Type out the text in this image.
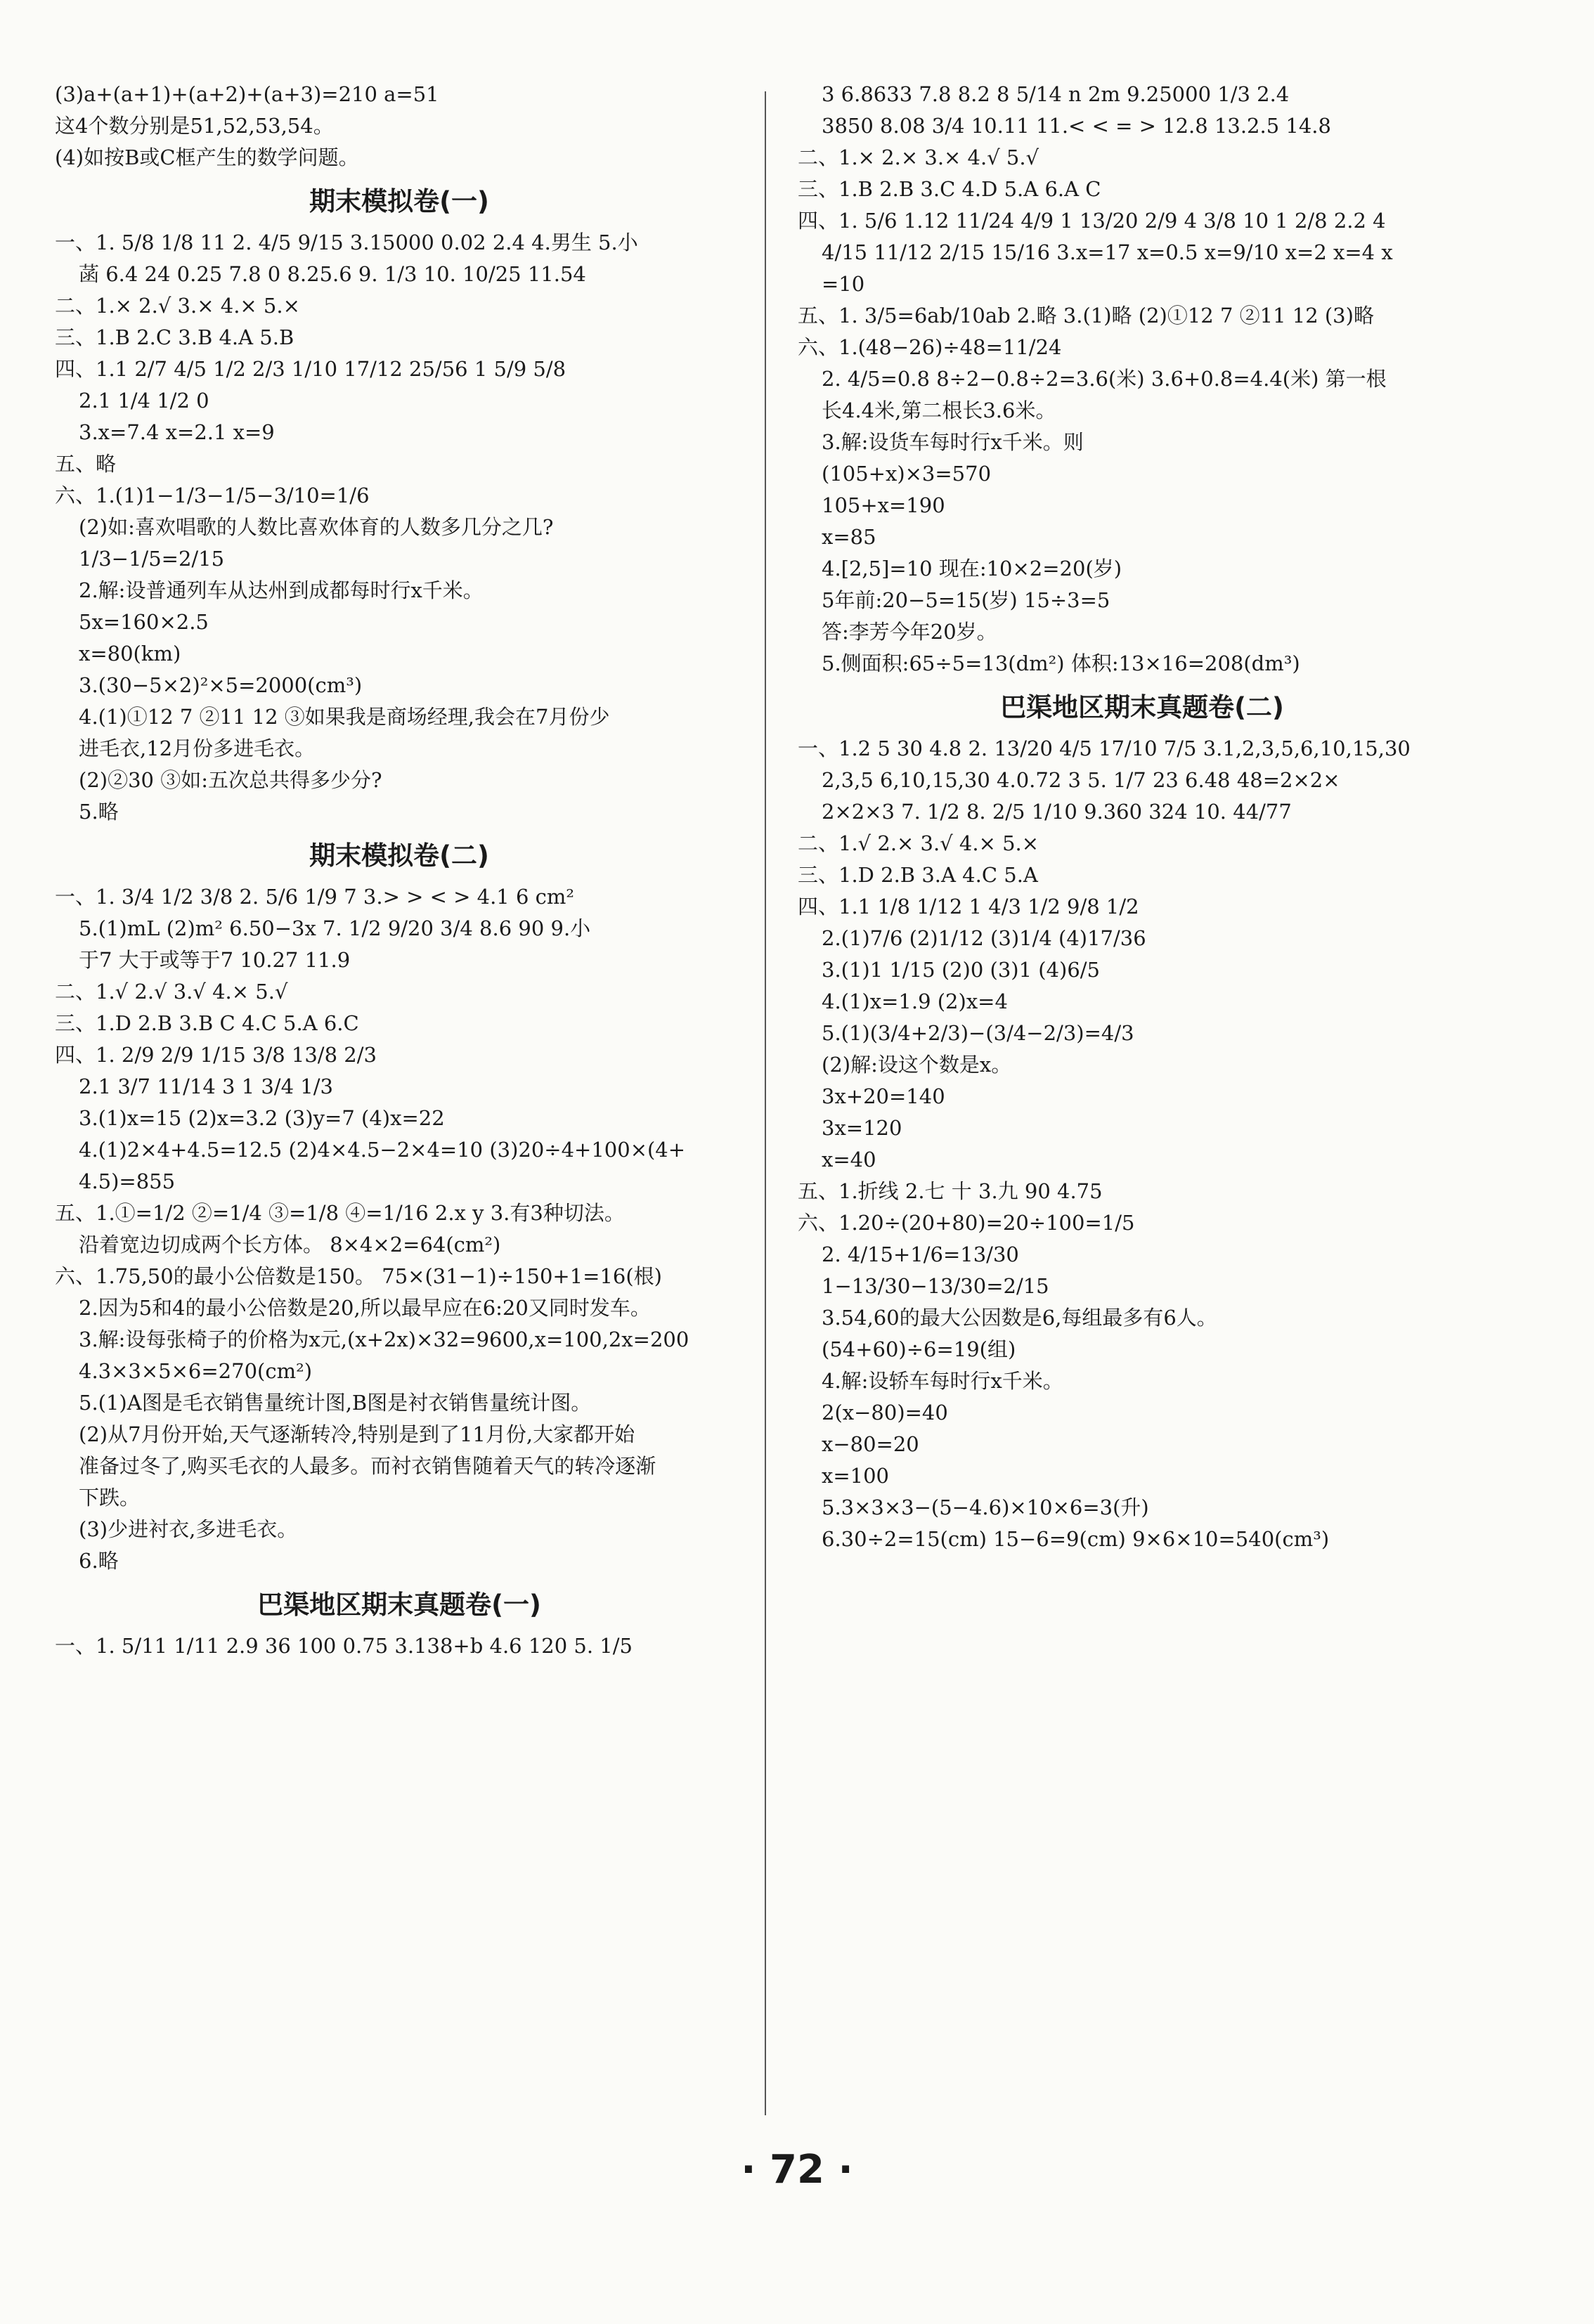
(3)a+(a+1)+(a+2)+(a+3)=210 a=51
这4个数分别是51,52,53,54。
(4)如按B或C框产生的数学问题。
期末模拟卷(一)
一、1. 5/8 1/8 11 2. 4/5 9/15 3.15000 0.02 2.4 4.男生 5.小
菡 6.4 24 0.25 7.8 0 8.25.6 9. 1/3 10. 10/25 11.54
二、1.× 2.√ 3.× 4.× 5.×
三、1.B 2.C 3.B 4.A 5.B
四、1.1 2/7 4/5 1/2 2/3 1/10 17/12 25/56 1 5/9 5/8
2.1 1/4 1/2 0
3.x=7.4 x=2.1 x=9
五、略
六、1.(1)1−1/3−1/5−3/10=1/6
(2)如:喜欢唱歌的人数比喜欢体育的人数多几分之几?
1/3−1/5=2/15
2.解:设普通列车从达州到成都每时行x千米。
5x=160×2.5
x=80(km)
3.(30−5×2)²×5=2000(cm³)
4.(1)①12 7 ②11 12 ③如果我是商场经理,我会在7月份少
进毛衣,12月份多进毛衣。
(2)②30 ③如:五次总共得多少分?
5.略
期末模拟卷(二)
一、1. 3/4 1/2 3/8 2. 5/6 1/9 7 3.> > < > 4.1 6 cm²
5.(1)mL (2)m² 6.50−3x 7. 1/2 9/20 3/4 8.6 90 9.小
于7 大于或等于7 10.27 11.9
二、1.√ 2.√ 3.√ 4.× 5.√
三、1.D 2.B 3.B C 4.C 5.A 6.C
四、1. 2/9 2/9 1/15 3/8 13/8 2/3
2.1 3/7 11/14 3 1 3/4 1/3
3.(1)x=15 (2)x=3.2 (3)y=7 (4)x=22
4.(1)2×4+4.5=12.5 (2)4×4.5−2×4=10 (3)20÷4+100×(4+
4.5)=855
五、1.①=1/2 ②=1/4 ③=1/8 ④=1/16 2.x y 3.有3种切法。
沿着宽边切成两个长方体。 8×4×2=64(cm²)
六、1.75,50的最小公倍数是150。 75×(31−1)÷150+1=16(根)
2.因为5和4的最小公倍数是20,所以最早应在6:20又同时发车。
3.解:设每张椅子的价格为x元,(x+2x)×32=9600,x=100,2x=200
4.3×3×5×6=270(cm²)
5.(1)A图是毛衣销售量统计图,B图是衬衣销售量统计图。
(2)从7月份开始,天气逐渐转冷,特别是到了11月份,大家都开始
准备过冬了,购买毛衣的人最多。而衬衣销售随着天气的转冷逐渐
下跌。
(3)少进衬衣,多进毛衣。
6.略
巴渠地区期末真题卷(一)
一、1. 5/11 1/11 2.9 36 100 0.75 3.138+b 4.6 120 5. 1/5
3 6.8633 7.8 8.2 8 5/14 n 2m 9.25000 1/3 2.4
3850 8.08 3/4 10.11 11.< < = > 12.8 13.2.5 14.8
二、1.× 2.× 3.× 4.√ 5.√
三、1.B 2.B 3.C 4.D 5.A 6.A C
四、1. 5/6 1.12 11/24 4/9 1 13/20 2/9 4 3/8 10 1 2/8 2.2 4
4/15 11/12 2/15 15/16 3.x=17 x=0.5 x=9/10 x=2 x=4 x
=10
五、1. 3/5=6ab/10ab 2.略 3.(1)略 (2)①12 7 ②11 12 (3)略
六、1.(48−26)÷48=11/24
2. 4/5=0.8 8÷2−0.8÷2=3.6(米) 3.6+0.8=4.4(米) 第一根
长4.4米,第二根长3.6米。
3.解:设货车每时行x千米。则
(105+x)×3=570
105+x=190
x=85
4.[2,5]=10 现在:10×2=20(岁)
5年前:20−5=15(岁) 15÷3=5
答:李芳今年20岁。
5.侧面积:65÷5=13(dm²) 体积:13×16=208(dm³)
巴渠地区期末真题卷(二)
一、1.2 5 30 4.8 2. 13/20 4/5 17/10 7/5 3.1,2,3,5,6,10,15,30
2,3,5 6,10,15,30 4.0.72 3 5. 1/7 23 6.48 48=2×2×
2×2×3 7. 1/2 8. 2/5 1/10 9.360 324 10. 44/77
二、1.√ 2.× 3.√ 4.× 5.×
三、1.D 2.B 3.A 4.C 5.A
四、1.1 1/8 1/12 1 4/3 1/2 9/8 1/2
2.(1)7/6 (2)1/12 (3)1/4 (4)17/36
3.(1)1 1/15 (2)0 (3)1 (4)6/5
4.(1)x=1.9 (2)x=4
5.(1)(3/4+2/3)−(3/4−2/3)=4/3
(2)解:设这个数是x。
3x+20=140
3x=120
x=40
五、1.折线 2.七 十 3.九 90 4.75
六、1.20÷(20+80)=20÷100=1/5
2. 4/15+1/6=13/30
1−13/30−13/30=2/15
3.54,60的最大公因数是6,每组最多有6人。
(54+60)÷6=19(组)
4.解:设轿车每时行x千米。
2(x−80)=40
x−80=20
x=100
5.3×3×3−(5−4.6)×10×6=3(升)
6.30÷2=15(cm) 15−6=9(cm) 9×6×10=540(cm³)
· 72 ·
